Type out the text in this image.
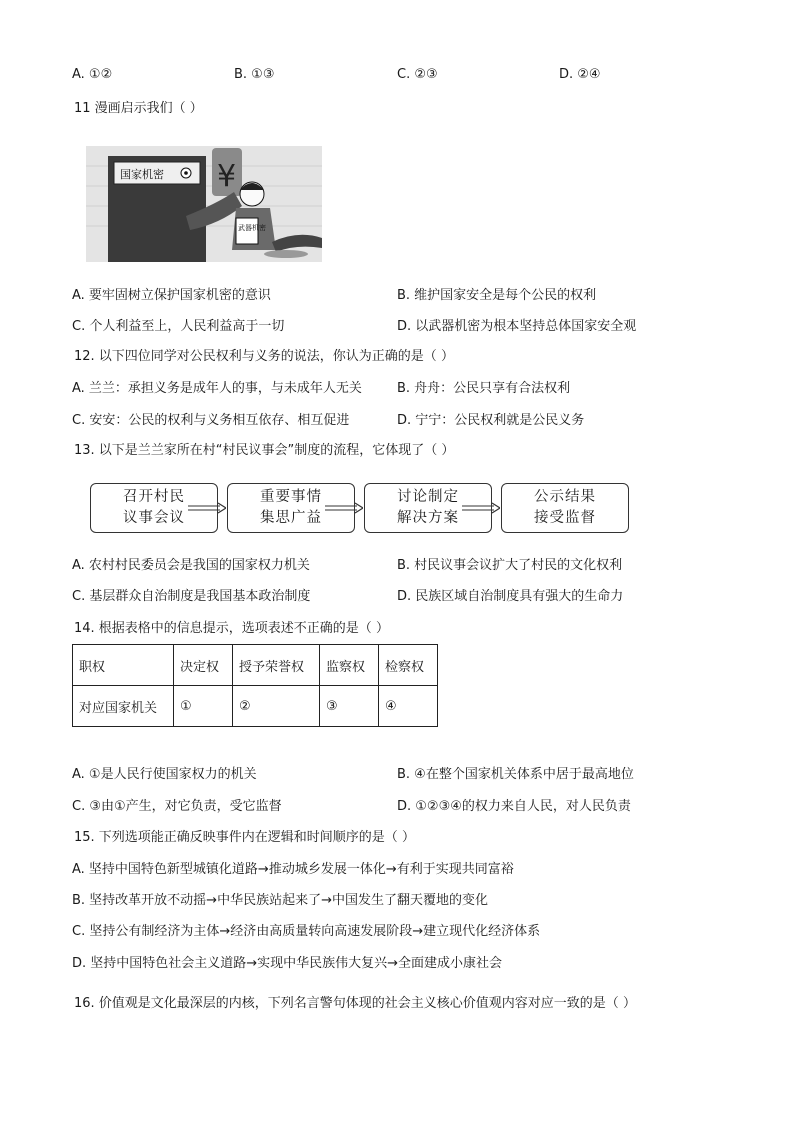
A. ①②	B. ①③	C. ②③	D. ②④
11 漫画启示我们（ ）
国家机密 ¥
武器机密
A. 要牢固树立保护国家机密的意识	B. 维护国家安全是每个公民的权利
C. 个人利益至上，人民利益高于一切	D. 以武器机密为根本坚持总体国家安全观
12. 以下四位同学对公民权利与义务的说法，你认为正确的是（ ）
A. 兰兰：承担义务是成年人的事，与未成年人无关	B. 舟舟：公民只享有合法权利
C. 安安：公民的权利与义务相互依存、相互促进	D. 宁宁：公民权利就是公民义务
13. 以下是兰兰家所在村“村民议事会”制度的流程，它体现了（ ）
召开村民
议事会议
重要事情
集思广益
讨论制定
解决方案
公示结果
接受监督
A. 农村村民委员会是我国的国家权力机关	B. 村民议事会议扩大了村民的文化权利
C. 基层群众自治制度是我国基本政治制度	D. 民族区域自治制度具有强大的生命力
14. 根据表格中的信息提示，选项表述不正确的是（ ）
职权	决定权	授予荣誉权	监察权	检察权
对应国家机关	①	②	③	④
A. ①是人民行使国家权力的机关	B. ④在整个国家机关体系中居于最高地位
C. ③由①产生，对它负责，受它监督	D. ①②③④的权力来自人民，对人民负责
15. 下列选项能正确反映事件内在逻辑和时间顺序的是（ ）
A. 坚持中国特色新型城镇化道路→推动城乡发展一体化→有利于实现共同富裕
B. 坚持改革开放不动摇→中华民族站起来了→中国发生了翻天覆地的变化
C. 坚持公有制经济为主体→经济由高质量转向高速发展阶段→建立现代化经济体系
D. 坚持中国特色社会主义道路→实现中华民族伟大复兴→全面建成小康社会
16. 价值观是文化最深层的内核，下列名言警句体现的社会主义核心价值观内容对应一致的是（ ）
